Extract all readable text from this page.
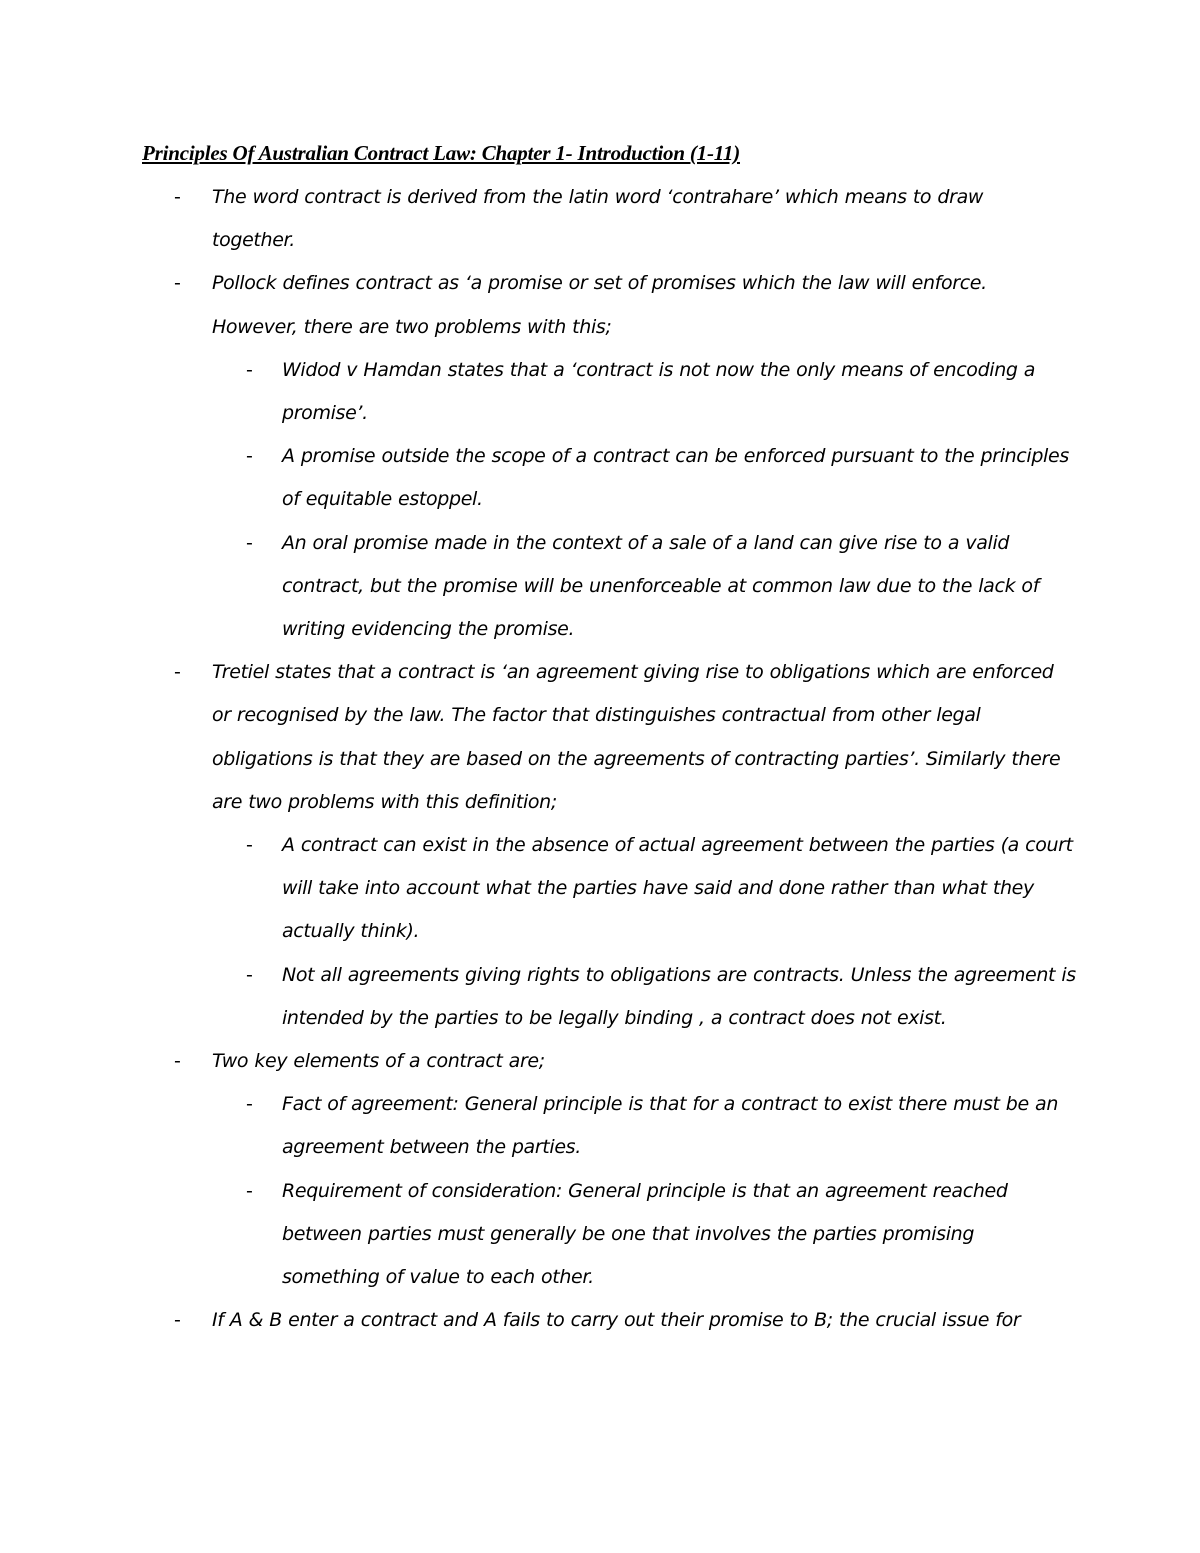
Principles Of Australian Contract Law: Chapter 1- Introduction (1-11)
- The word contract is derived from the latin word ‘contrahare’ which means to draw together.
- Pollock defines contract as ‘a promise or set of promises which the law will enforce. However, there are two problems with this;
- Widod v Hamdan states that a ‘contract is not now the only means of encoding a promise’.
- A promise outside the scope of a contract can be enforced pursuant to the principles of equitable estoppel.
- An oral promise made in the context of a sale of a land can give rise to a valid contract, but the promise will be unenforceable at common law due to the lack of writing evidencing the promise.
- Tretiel states that a contract is ‘an agreement giving rise to obligations which are enforced or recognised by the law. The factor that distinguishes contractual from other legal obligations is that they are based on the agreements of contracting parties’. Similarly there are two problems with this definition;
- A contract can exist in the absence of actual agreement between the parties (a court will take into account what the parties have said and done rather than what they actually think).
- Not all agreements giving rights to obligations are contracts. Unless the agreement is intended by the parties to be legally binding , a contract does not exist.
- Two key elements of a contract are;
- Fact of agreement: General principle is that for a contract to exist there must be an agreement between the parties.
- Requirement of consideration: General principle is that an agreement reached between parties must generally be one that involves the parties promising something of value to each other.
- If A & B enter a contract and A fails to carry out their promise to B; the crucial issue for
